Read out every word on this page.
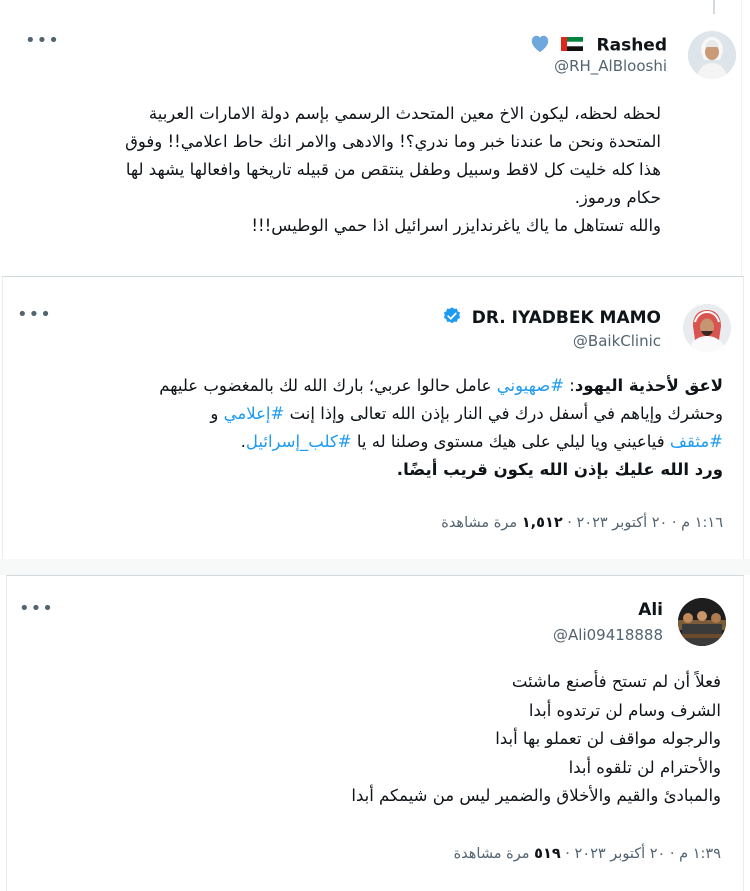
•••	Rashed
@RH_AlBlooshi

لحظه لحظه، ليكون الاخ معين المتحدث الرسمي بإسم دولة الامارات العربية

المتحدة ونحن ما عندنا خبر وما ندري؟! والادهى والامر انك حاط اعلامي!! وفوق

هذا كله خليت كل لاقط وسبيل وطفل ينتقص من قبيله تاريخها وافعالها يشهد لها

حكام ورموز.

والله تستاهل ما ياك ياغرندايزر اسرائيل اذا حمي الوطيس!!!

•••	DR. IYADBEK MAMO
@BaikClinic

لاعق لأحذية اليهود: #صهيوني عامل حالوا عربي؛ بارك الله لك بالمغضوب عليهم

وحشرك وإياهم في أسفل درك في النار بإذن الله تعالى وإذا إنت #إعلامي و

#مثقف فياعيني ويا ليلي على هيك مستوى وصلنا له يا #كلب_إسرائيل.

ورد الله عليك بإذن الله يكون قريب أيضًا.

١:١٦ م · ٢٠ أكتوبر ٢٠٢٣ · ١,٥١٢ مرة مشاهدة
•••	Ali
@Ali09418888

فعلاً أن لم تستح فأصنع ماشئت

الشرف وسام لن ترتدوه أبدا

والرجوله مواقف لن تعملو بها أبدا

والأحترام لن تلقوه أبدا

والمبادئ والقيم والأخلاق والضمير ليس من شيمكم أبدا

١:٣٩ م · ٢٠ أكتوبر ٢٠٢٣ · ٥١٩ مرة مشاهدة
